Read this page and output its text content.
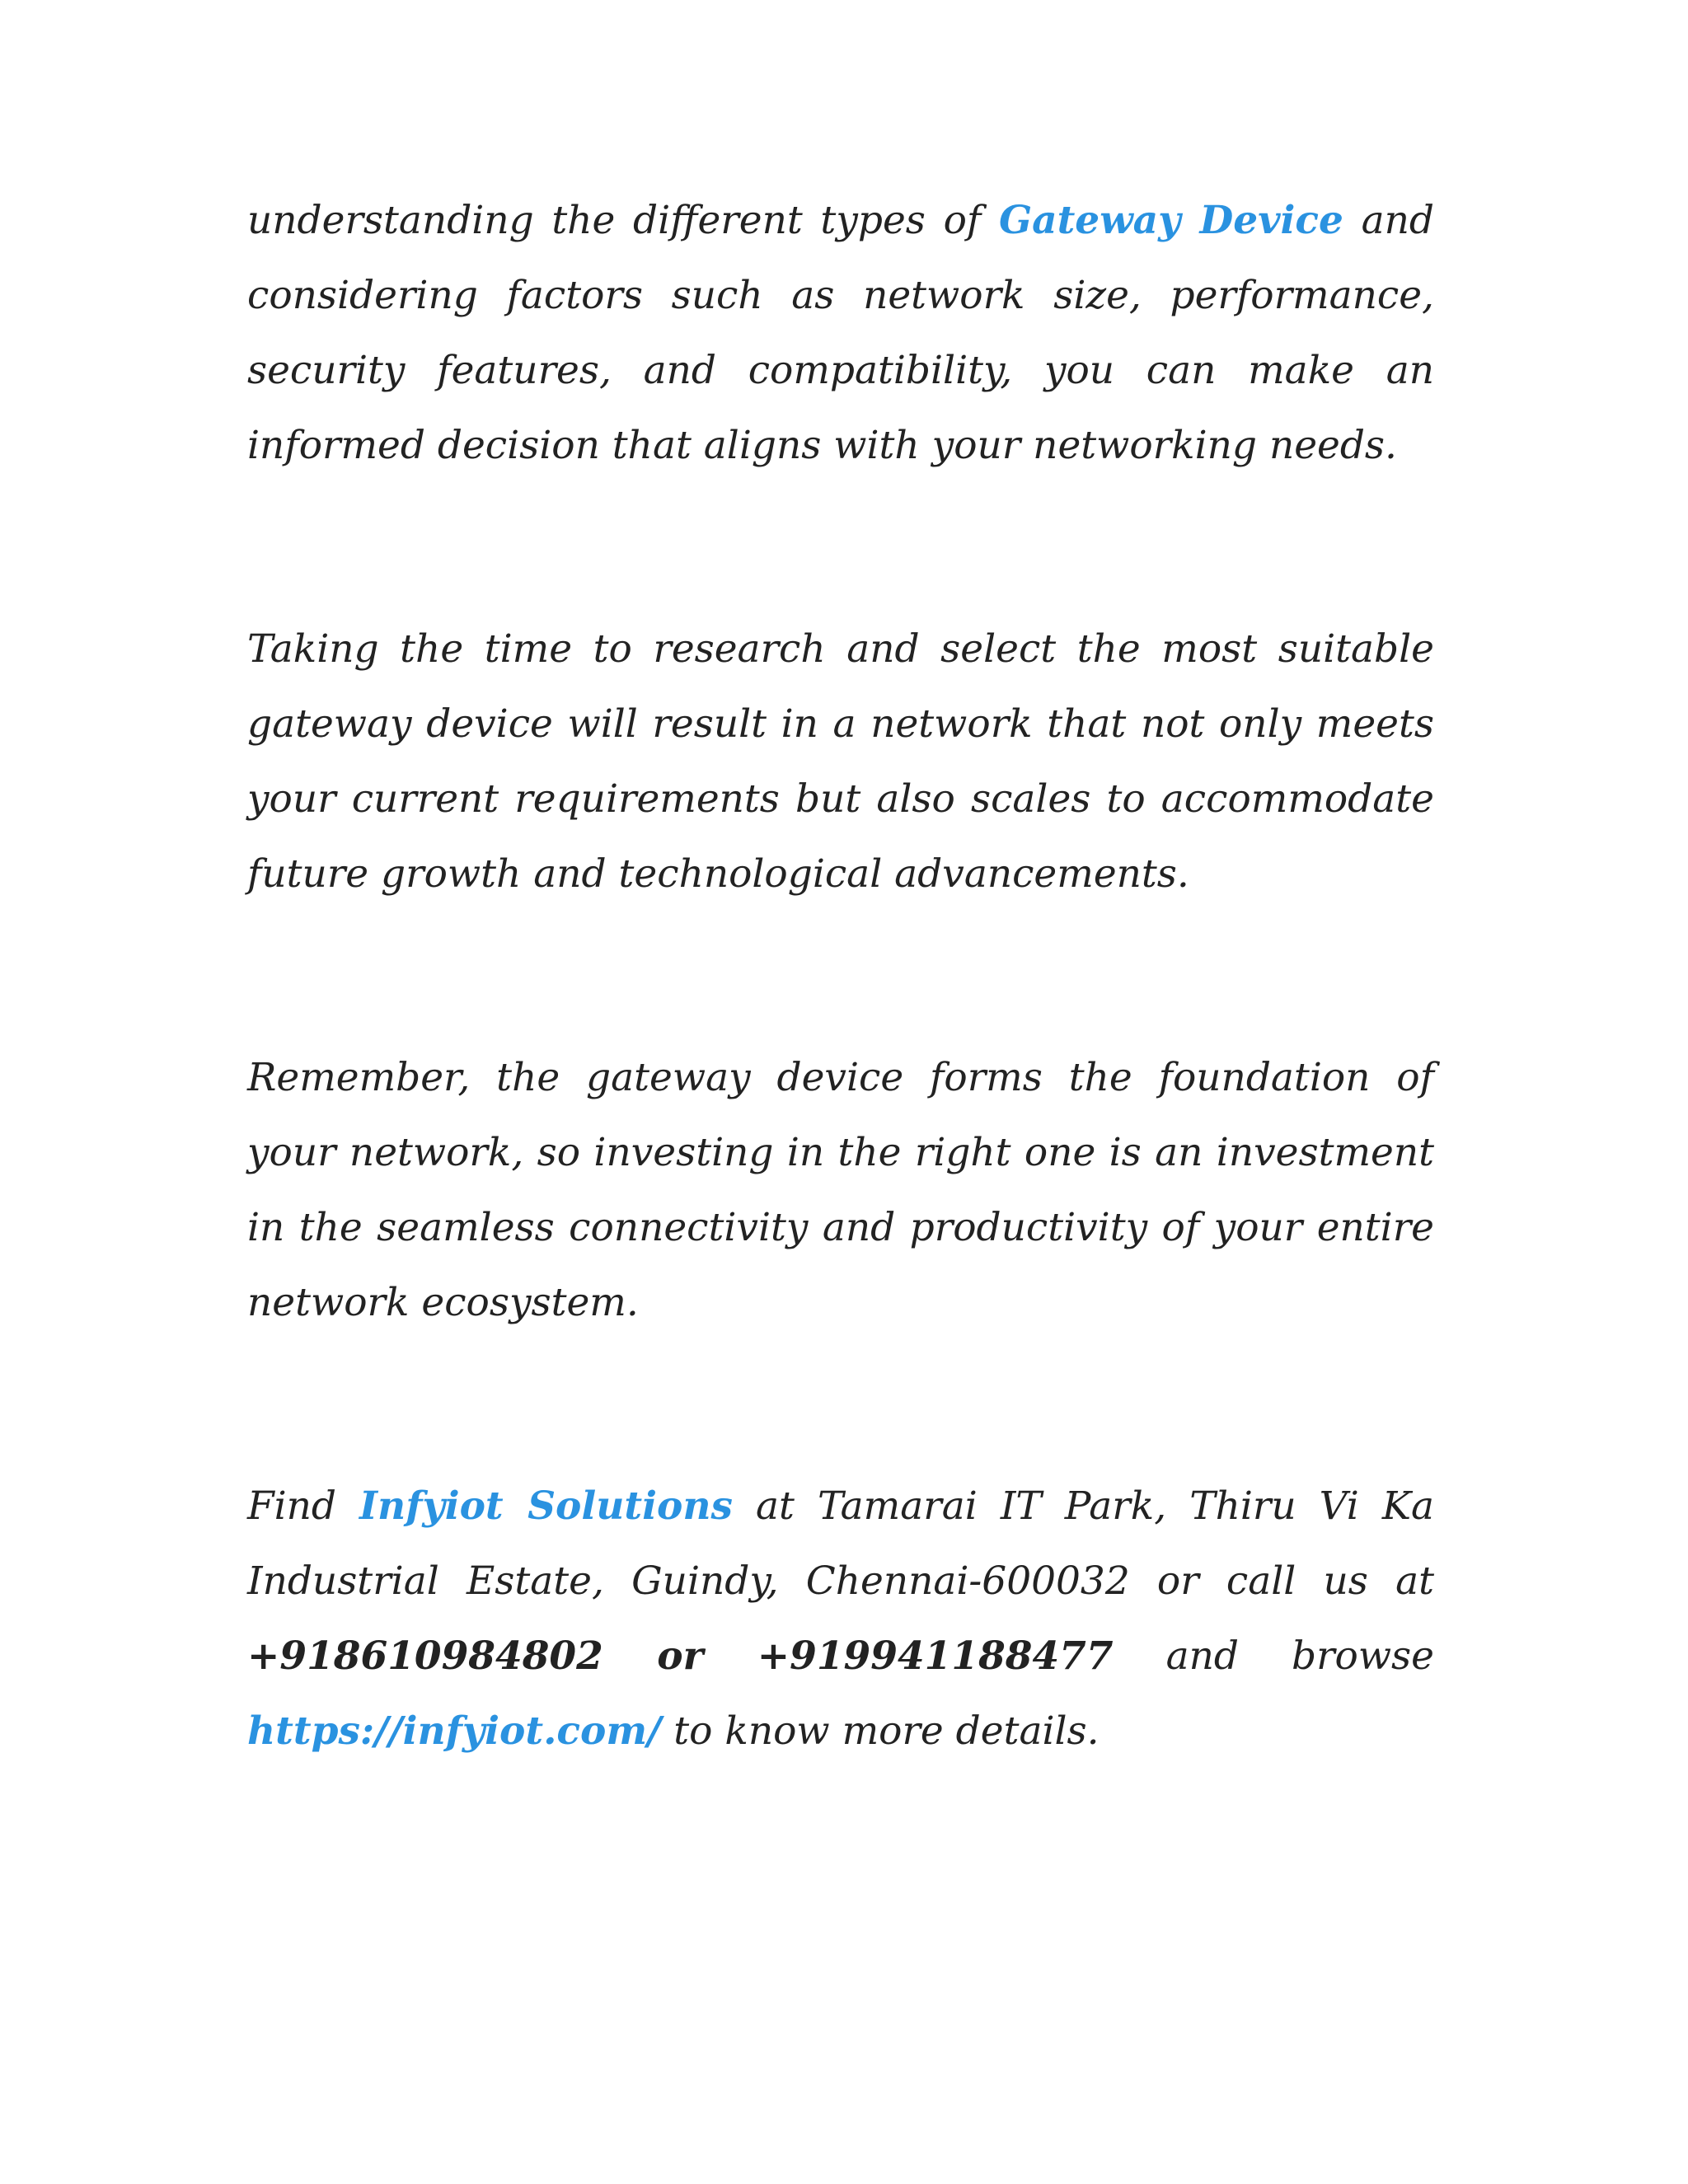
understanding the different types of Gateway Device and considering factors such as network size, performance, security features, and compatibility, you can make an informed decision that aligns with your networking needs.

Taking the time to research and select the most suitable gateway device will result in a network that not only meets your current requirements but also scales to accommodate future growth and technological advancements.

Remember, the gateway device forms the foundation of your network, so investing in the right one is an investment in the seamless connectivity and productivity of your entire network ecosystem.

Find Infyiot Solutions at Tamarai IT Park, Thiru Vi Ka Industrial Estate, Guindy, Chennai-600032 or call us at +918610984802 or +919941188477 and browse https://infyiot.com/ to know more details.
